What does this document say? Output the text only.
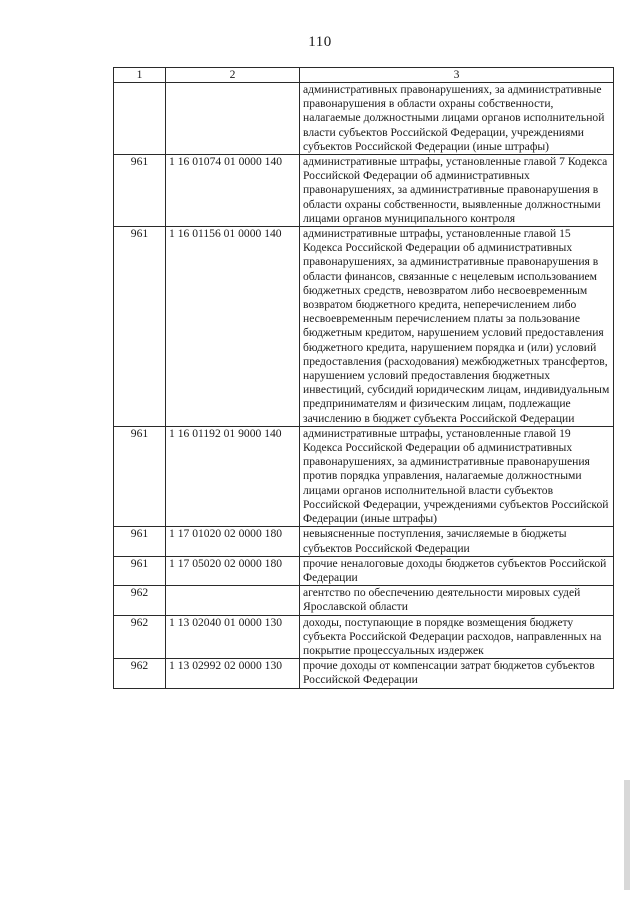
110
1	2	3
		административных правонарушениях, за административные правонарушения в области охраны собственности, налагаемые должностными лицами органов исполнительной власти субъектов Российской Федерации, учреждениями субъектов Российской Федерации (иные штрафы)
961	1 16 01074 01 0000 140	административные штрафы, установленные главой 7 Кодекса Российской Федерации об административных правонарушениях, за административные правонарушения в области охраны собственности, выявленные должностными лицами органов муниципального контроля
961	1 16 01156 01 0000 140	административные штрафы, установленные главой 15 Кодекса Российской Федерации об административных правонарушениях, за административные правонарушения в области финансов, связанные с нецелевым использованием бюджетных средств, невозвратом либо несвоевременным возвратом бюджетного кредита, неперечислением либо несвоевременным перечислением платы за пользование бюджетным кредитом, нарушением условий предоставления бюджетного кредита, нарушением порядка и (или) условий предоставления (расходования) межбюджетных трансфертов, нарушением условий предоставления бюджетных инвестиций, субсидий юридическим лицам, индивидуальным предпринимателям и физическим лицам, подлежащие зачислению в бюджет субъекта Российской Федерации
961	1 16 01192 01 9000 140	административные штрафы, установленные главой 19 Кодекса Российской Федерации об административных правонарушениях, за административные правонарушения против порядка управления, налагаемые должностными лицами органов исполнительной власти субъектов Российской Федерации, учреждениями субъектов Российской Федерации (иные штрафы)
961	1 17 01020 02 0000 180	невыясненные поступления, зачисляемые в бюджеты субъектов Российской Федерации
961	1 17 05020 02 0000 180	прочие неналоговые доходы бюджетов субъектов Российской Федерации
962		агентство по обеспечению деятельности мировых судей Ярославской области
962	1 13 02040 01 0000 130	доходы, поступающие в порядке возмещения бюджету субъекта Российской Федерации расходов, направленных на покрытие процессуальных издержек
962	1 13 02992 02 0000 130	прочие доходы от компенсации затрат бюджетов субъектов Российской Федерации
